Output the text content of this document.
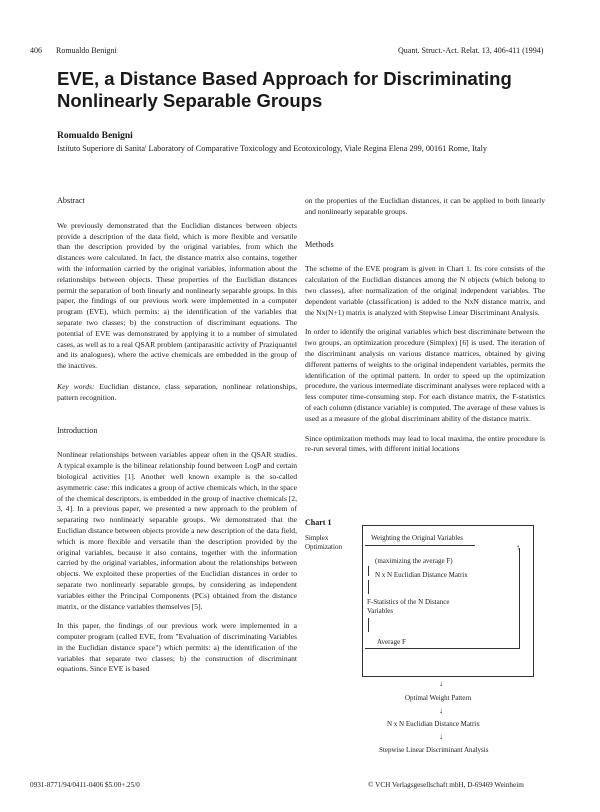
406 Romualdo Benigni	Quant. Struct.-Act. Relat. 13, 406-411 (1994)
EVE, a Distance Based Approach for Discriminating Nonlinearly Separable Groups
Romualdo Benigni
Istituto Superiore di Sanita' Laboratory of Comparative Toxicology and Ecotoxicology, Viale Regina Elena 299, 00161 Rome, Italy
Abstract

We previously demonstrated that the Euclidian distances between objects provide a description of the data field, which is more flexible and versatile than the description provided by the original variables, from which the distances were calculated. In fact, the distance matrix also contains, together with the information carried by the original variables, information about the relationships between objects. These properties of the Euclidian distances permit the separation of both linearly and nonlinearly separable groups. In this paper, the findings of our previous work were implemented in a computer program (EVE), which permits: a) the identification of the variables that separate two classes; b) the construction of discriminant equations. The potential of EVE was demonstrated by applying it to a number of simulated cases, as well as to a real QSAR problem (antiparasitic activity of Praziquantel and its analogues), where the active chemicals are embedded in the group of the inactives.

Key words: Euclidian distance, class separation, nonlinear relationships, pattern recognition.

Introduction

Nonlinear relationships between variables appear often in the QSAR studies. A typical example is the bilinear relationship found between LogP and certain biological activities [1]. Another well known example is the so-called asymmetric case: this indicates a group of active chemicals which, in the space of the chemical descriptors, is embedded in the group of inactive chemicals [2, 3, 4]. In a previous paper, we presented a new approach to the problem of separating two nonlinearly separable groups. We demonstrated that the Euclidian distance between objects provide a new description of the data field, which is more flexible and versatile than the description provided by the original variables, because it also contains, together with the information carried by the original variables, information about the relationships between objects. We exploited these properties of the Euclidian distances in order to separate two nonlinearly separable groups, by considering as independent variables either the Principal Components (PCs) obtained from the distance matrix, or the distance variables themselves [5].

In this paper, the findings of our previous work were implemented in a computer program (called EVE, from "Evaluation of discriminating Variables in the Euclidian distance space") which permits: a) the identification of the variables that separate two classes; b) the construction of discriminant equations. Since EVE is based

on the properties of the Euclidian distances, it can be applied to both linearly and nonlinearly separable groups.

Methods

The scheme of the EVE program is given in Chart 1. Its core consists of the calculation of the Euclidian distances among the N objects (which belong to two classes), after normalization of the original independent variables. The dependent variable (classification) is added to the NxN distance matrix, and the Nx(N+1) matrix is analyzed with Stepwise Linear Discriminant Analysis.

In order to identify the original variables which best discriminate between the two groups, an optimization procedure (Simplex) [6] is used. The iteration of the discriminant analysis on various distance matrices, obtained by giving different patterns of weights to the original independent variables, permits the identification of the optimal pattern. In order to speed up the optimization procedure, the various intermediate discriminant analyses were replaced with a less computer time-consuming step. For each distance matrix, the F-statistics of each column (distance variable) is computed. The average of these values is used as a measure of the global discriminant ability of the distance matrix.

Since optimization methods may lead to local maxima, the entire procedure is re-run several times, with different initial locations

Chart 1
Simplex
Optimization
Weighting the Original Variables
(maximizing the average F)
N x N Euclidian Distance Matrix
F-Statistics of the N Distance Variables
Average F
↑
↓
Optimal Weight Pattern
↓
N x N Euclidian Distance Matrix
↓
Stepwise Linear Discriminant Analysis
0931-8771/94/0411-0406 $5.00+.25/0	© VCH Verlagsgesellschaft mbH, D-69469 Weinheim
